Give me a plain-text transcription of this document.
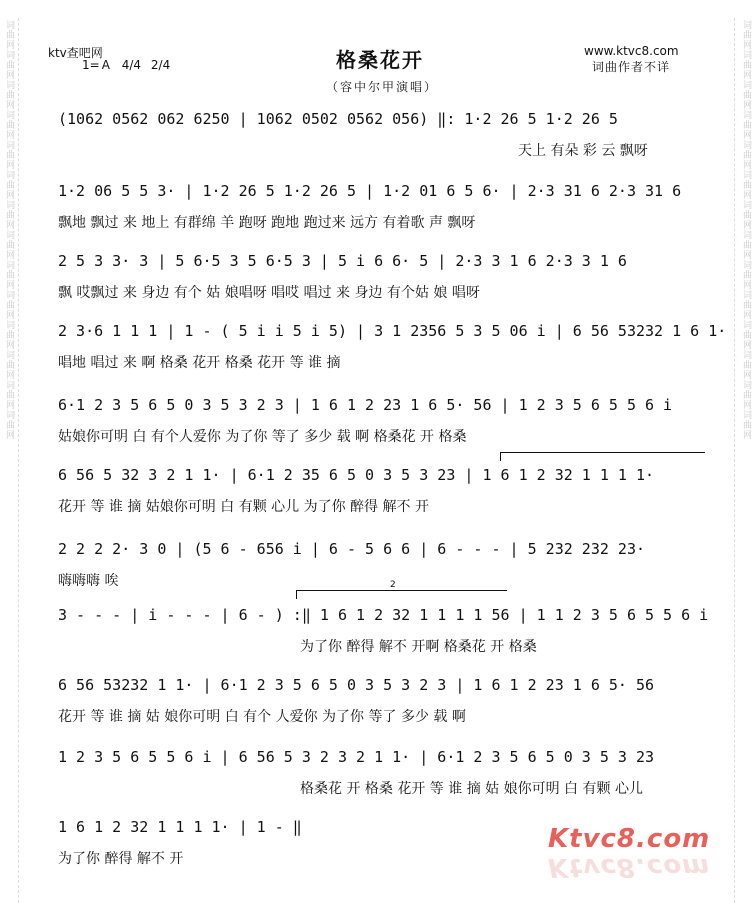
词曲网词曲网词曲网词曲网词曲网词曲网词曲网词曲网词曲网词曲网词曲网词曲网词曲网词曲网	词曲网词曲网词曲网词曲网词曲网词曲网词曲网词曲网词曲网词曲网词曲网词曲网词曲网词曲网
ktv查吧网
1= A 4/4 2/4	格桑花开
（容中尔甲演唱）
www.ktvc8.com
词曲作者不详
(1062 0562 062 6250 | 1062 0502 0562 056) ‖: 1·2 26 5 1·2 26 5
天上 有朵 彩 云 飘呀
1·2 06 5 5 3· | 1·2 26 5 1·2 26 5 | 1·2 01 6 5 6· | 2·3 31 6 2·3 31 6
飘地 飘过 来 地上 有群绵 羊 跑呀 跑地 跑过来 远方 有着歌 声 飘呀
2 5 3 3· 3 | 5 6·5 3 5 6·5 3 | 5 i 6 6· 5 | 2·3 3 1 6 2·3 3 1 6
飘 哎飘过 来 身边 有个 姑 娘唱呀 唱哎 唱过 来 身边 有个姑 娘 唱呀
2 3·6 1 1 1 | 1 - ( 5 i i 5 i 5) | 3 1 2356 5 3 5 06 i | 6 56 53232 1 6 1·
唱地 唱过 来 啊 格桑 花开 格桑 花开 等 谁 摘
6·1 2 3 5 6 5 0 3 5 3 2 3 | 1 6 1 2 23 1 6 5· 56 | 1 2 3 5 6 5 5 6 i
姑娘你可明 白 有个人爱你 为了你 等了 多少 载 啊 格桑花 开 格桑
6 56 5 32 3 2 1 1· | 6·1 2 35 6 5 0 3 5 3 23 | 1 6 1 2 32 1 1 1 1·
花开 等 谁 摘 姑娘你可明 白 有颗 心儿 为了你 醉得 解不 开
2 2 2 2· 3 0 | (5 6 - 656 i | 6 - 5 6 6 | 6 - - - | 5 232 232 23·
嗨嗨嗨 唉
3 - - - | i - - - | 6 - ) :‖ 1 6 1 2 32 1 1 1 1 56 | 1 1 2 3 5 6 5 5 6 i
为了你 醉得 解不 开啊 格桑花 开 格桑
6 56 53232 1 1· | 6·1 2 3 5 6 5 0 3 5 3 2 3 | 1 6 1 2 23 1 6 5· 56
花开 等 谁 摘 姑 娘你可明 白 有个 人爱你 为了你 等了 多少 载 啊
1 2 3 5 6 5 5 6 i | 6 56 5 3 2 3 2 1 1· | 6·1 2 3 5 6 5 0 3 5 3 23
格桑花 开 格桑 花开 等 谁 摘 姑 娘你可明 白 有颗 心儿
1 6 1 2 32 1 1 1 1· | 1 - ‖
为了你 醉得 解不 开
2
Ktvc8.com
Ktvc8.com
